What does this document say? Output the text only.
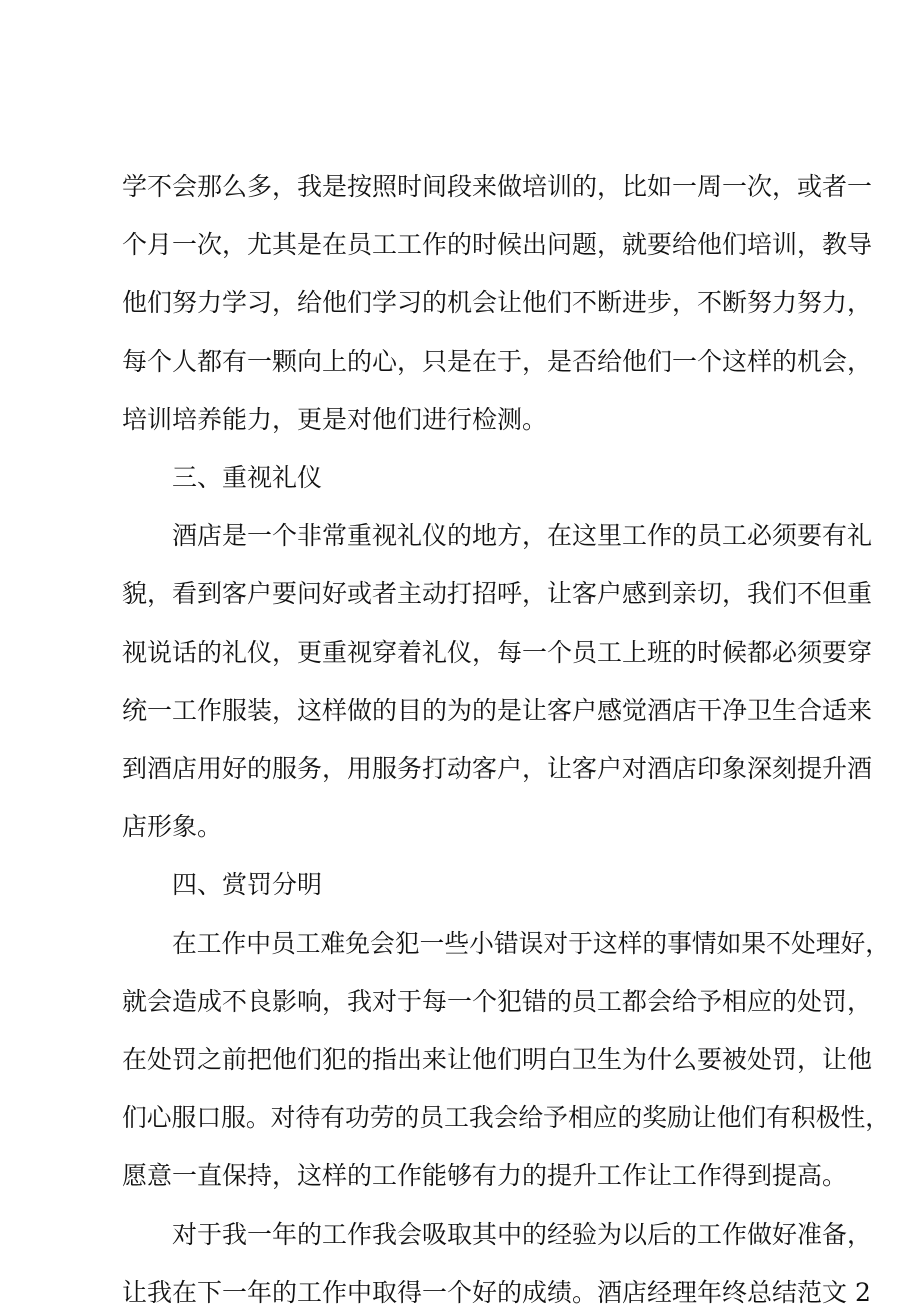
学不会那么多，我是按照时间段来做培训的，比如一周一次，或者一
个月一次，尤其是在员工工作的时候出问题，就要给他们培训，教导
他们努力学习，给他们学习的机会让他们不断进步，不断努力努力，
每个人都有一颗向上的心，只是在于，是否给他们一个这样的机会，
培训培养能力，更是对他们进行检测。
三、重视礼仪
酒店是一个非常重视礼仪的地方，在这里工作的员工必须要有礼
貌，看到客户要问好或者主动打招呼，让客户感到亲切，我们不但重
视说话的礼仪，更重视穿着礼仪，每一个员工上班的时候都必须要穿
统一工作服装，这样做的目的为的是让客户感觉酒店干净卫生合适来
到酒店用好的服务，用服务打动客户，让客户对酒店印象深刻提升酒
店形象。
四、赏罚分明
在工作中员工难免会犯一些小错误对于这样的事情如果不处理好，
就会造成不良影响，我对于每一个犯错的员工都会给予相应的处罚，
在处罚之前把他们犯的指出来让他们明白卫生为什么要被处罚，让他
们心服口服。对待有功劳的员工我会给予相应的奖励让他们有积极性，
愿意一直保持，这样的工作能够有力的提升工作让工作得到提高。
对于我一年的工作我会吸取其中的经验为以后的工作做好准备，
让我在下一年的工作中取得一个好的成绩。酒店经理年终总结范文 2
